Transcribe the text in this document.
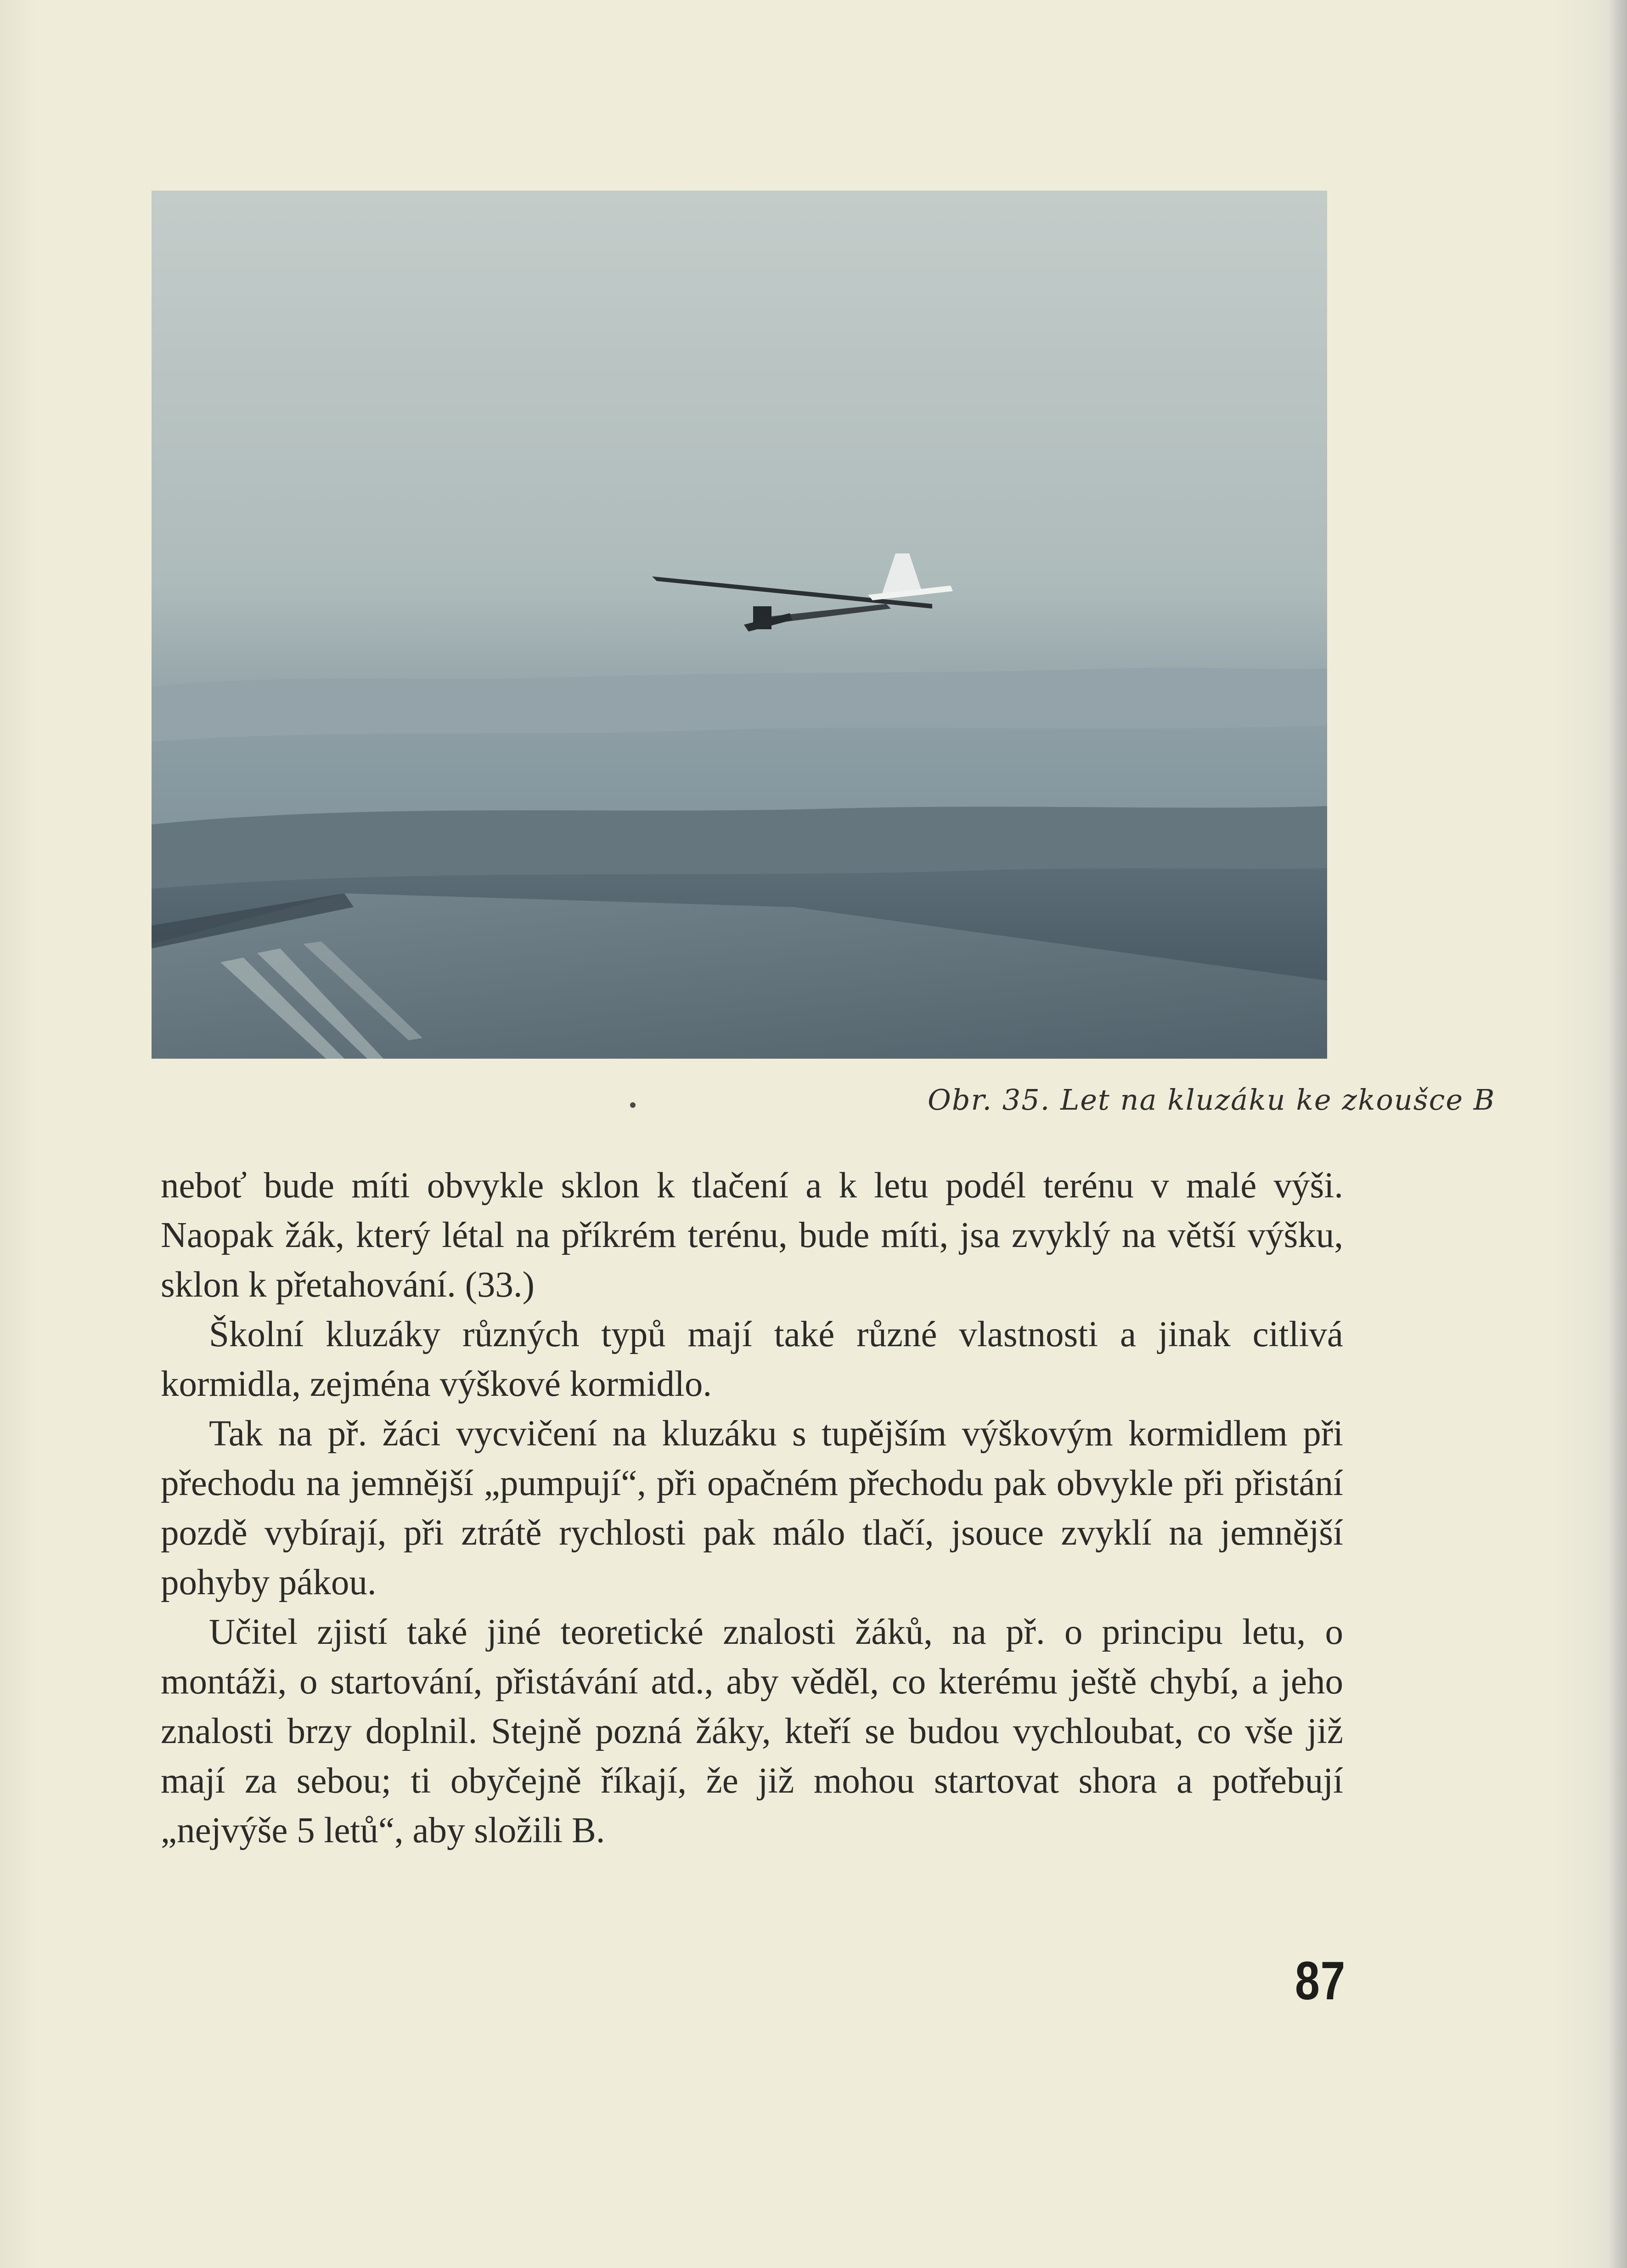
Obr. 35. Let na kluzáku ke zkoušce B

neboť bude míti obvykle sklon k tlačení a k letu podél terénu v malé výši. Naopak žák, který létal na příkrém terénu, bude míti, jsa zvyklý na větší výšku, sklon k přetahování. (33.)

Školní kluzáky různých typů mají také různé vlastnosti a jinak citlivá kormidla, zejména výškové kormidlo.

Tak na př. žáci vycvičení na kluzáku s tupějším výškovým kormidlem při přechodu na jemnější „pumpují“, při opačném přechodu pak obvykle při přistání pozdě vybírají, při ztrátě rychlosti pak málo tlačí, jsouce zvyklí na jemnější pohyby pákou.

Učitel zjistí také jiné teoretické znalosti žáků, na př. o principu letu, o montáži, o startování, přistávání atd., aby věděl, co kterému ještě chybí, a jeho znalosti brzy doplnil. Stejně pozná žáky, kteří se budou vychloubat, co vše již mají za sebou; ti obyčejně říkají, že již mohou startovat shora a potřebují „nejvýše 5 letů“, aby složili B.

87
